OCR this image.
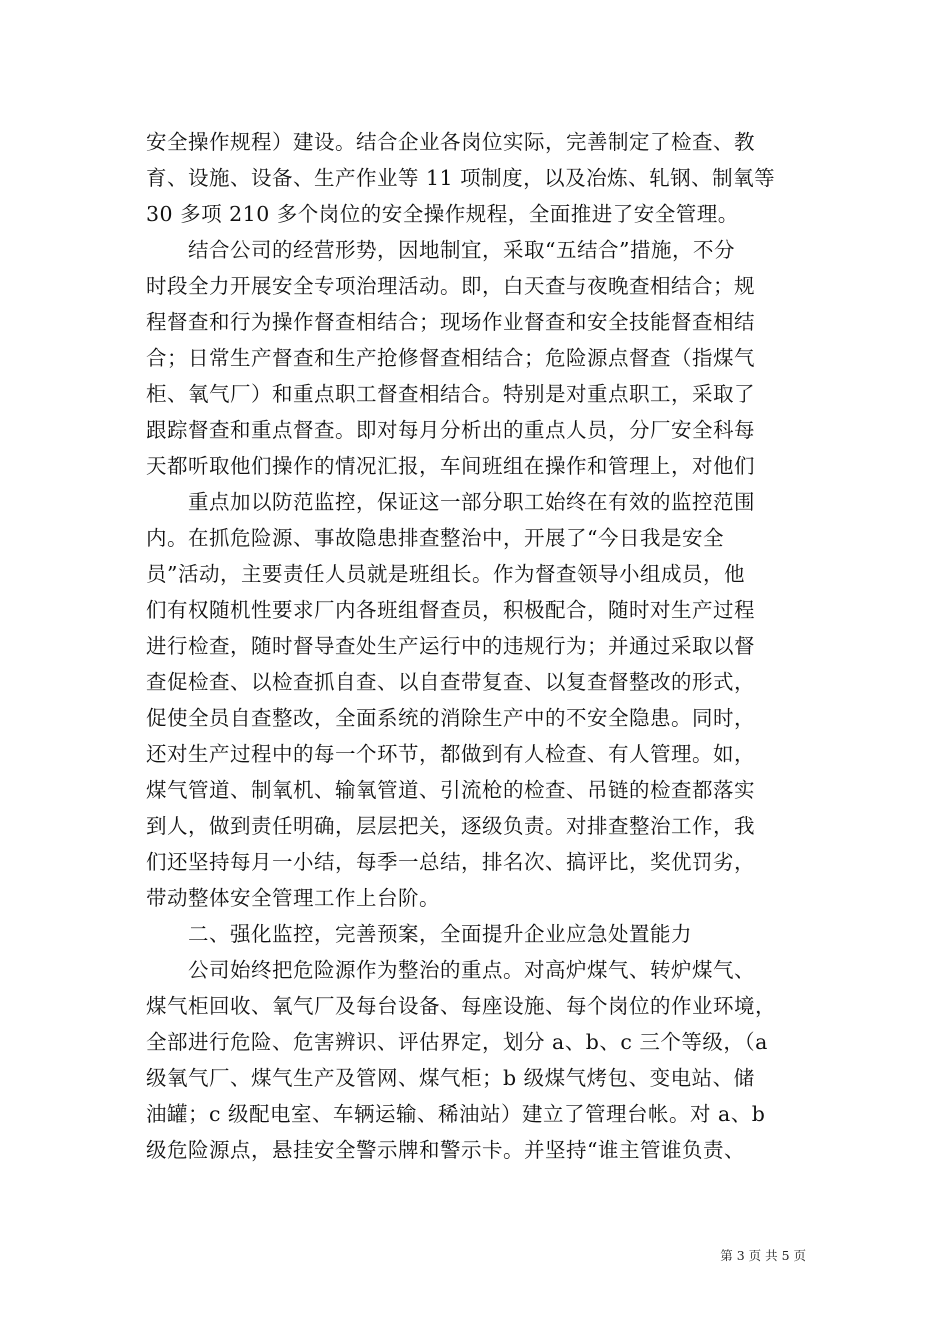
安全操作规程）建设。结合企业各岗位实际，完善制定了检查、教
育、设施、设备、生产作业等 11 项制度，以及冶炼、轧钢、制氧等
30 多项 210 多个岗位的安全操作规程，全面推进了安全管理。
　　结合公司的经营形势，因地制宜，采取“五结合”措施，不分
时段全力开展安全专项治理活动。即，白天查与夜晚查相结合；规
程督查和行为操作督查相结合；现场作业督查和安全技能督查相结
合；日常生产督查和生产抢修督查相结合；危险源点督查（指煤气
柜、氧气厂）和重点职工督查相结合。特别是对重点职工，采取了
跟踪督查和重点督查。即对每月分析出的重点人员，分厂安全科每
天都听取他们操作的情况汇报，车间班组在操作和管理上，对他们
　　重点加以防范监控，保证这一部分职工始终在有效的监控范围
内。在抓危险源、事故隐患排查整治中，开展了“今日我是安全
员”活动，主要责任人员就是班组长。作为督查领导小组成员，他
们有权随机性要求厂内各班组督查员，积极配合，随时对生产过程
进行检查，随时督导查处生产运行中的违规行为；并通过采取以督
查促检查、以检查抓自查、以自查带复查、以复查督整改的形式，
促使全员自查整改，全面系统的消除生产中的不安全隐患。同时，
还对生产过程中的每一个环节，都做到有人检查、有人管理。如，
煤气管道、制氧机、输氧管道、引流枪的检查、吊链的检查都落实
到人，做到责任明确，层层把关，逐级负责。对排查整治工作，我
们还坚持每月一小结，每季一总结，排名次、搞评比，奖优罚劣，
带动整体安全管理工作上台阶。
　　二、强化监控，完善预案，全面提升企业应急处置能力
　　公司始终把危险源作为整治的重点。对高炉煤气、转炉煤气、
煤气柜回收、氧气厂及每台设备、每座设施、每个岗位的作业环境，
全部进行危险、危害辨识、评估界定，划分 a、b、c 三个等级，（a
级氧气厂、煤气生产及管网、煤气柜；b 级煤气烤包、变电站、储
油罐；c 级配电室、车辆运输、稀油站）建立了管理台帐。对 a、b
级危险源点，悬挂安全警示牌和警示卡。并坚持“谁主管谁负责、
第 3 页 共 5 页
